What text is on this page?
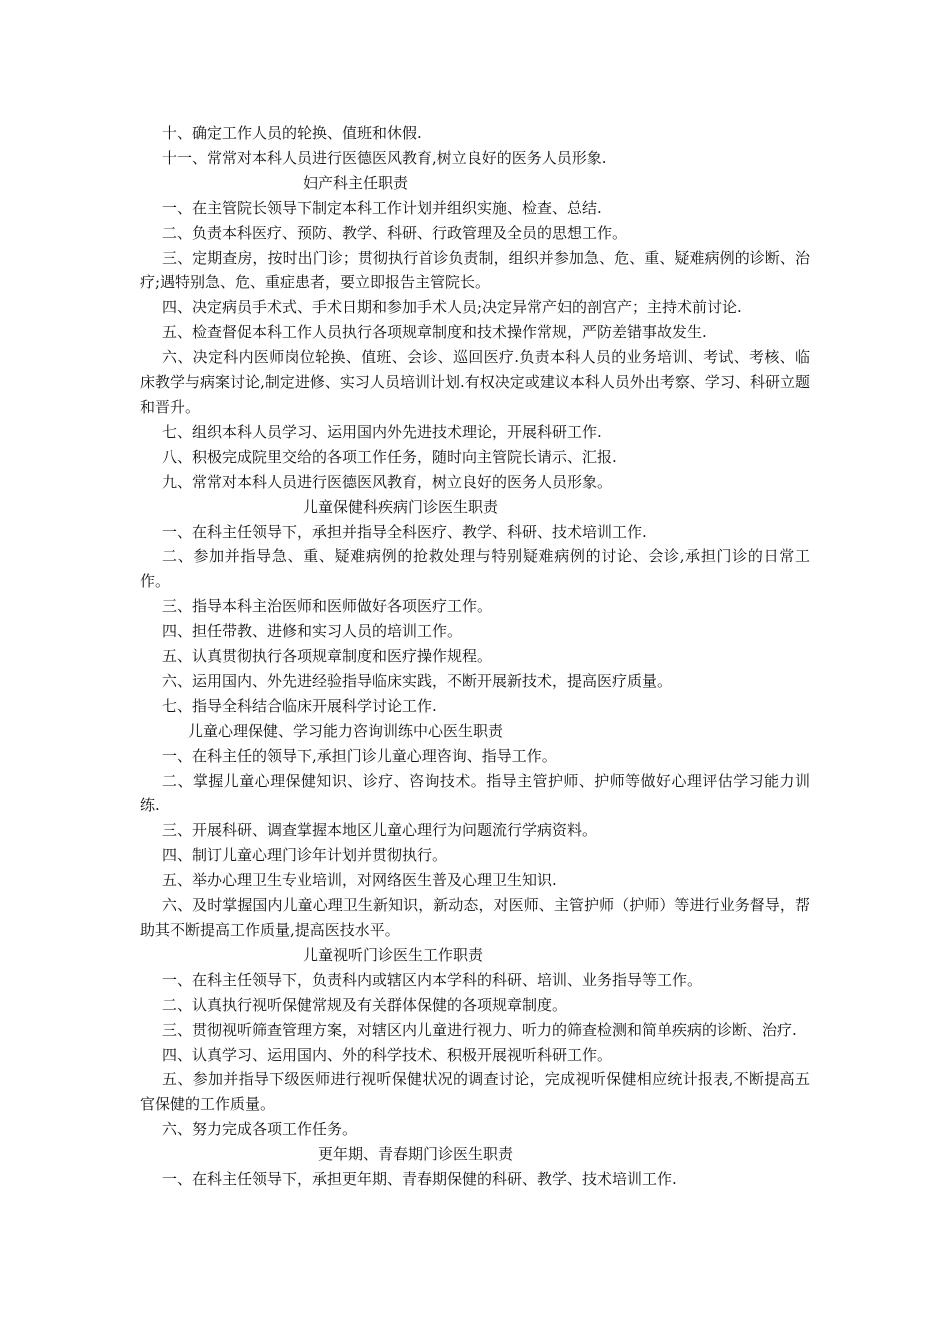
十、确定工作人员的轮换、值班和休假.

十一、常常对本科人员进行医德医风教育,树立良好的医务人员形象.

妇产科主任职责

一、在主管院长领导下制定本科工作计划并组织实施、检查、总结.

二、负责本科医疗、预防、教学、科研、行政管理及全员的思想工作。

三、定期查房，按时出门诊；贯彻执行首诊负责制，组织并参加急、危、重、疑难病例的诊断、治疗;遇特别急、危、重症患者，要立即报告主管院长。

四、决定病员手术式、手术日期和参加手术人员;决定异常产妇的剖宫产；主持术前讨论.

五、检查督促本科工作人员执行各项规章制度和技术操作常规，严防差错事故发生.

六、决定科内医师岗位轮换、值班、会诊、巡回医疗.负责本科人员的业务培训、考试、考核、临床教学与病案讨论,制定进修、实习人员培训计划.有权决定或建议本科人员外出考察、学习、科研立题和晋升。

七、组织本科人员学习、运用国内外先进技术理论，开展科研工作.

八、积极完成院里交给的各项工作任务，随时向主管院长请示、汇报.

九、常常对本科人员进行医德医风教育，树立良好的医务人员形象。

儿童保健科疾病门诊医生职责

一、在科主任领导下，承担并指导全科医疗、教学、科研、技术培训工作.

二、参加并指导急、重、疑难病例的抢救处理与特别疑难病例的讨论、会诊,承担门诊的日常工作。

三、指导本科主治医师和医师做好各项医疗工作。

四、担任带教、进修和实习人员的培训工作。

五、认真贯彻执行各项规章制度和医疗操作规程。

六、运用国内、外先进经验指导临床实践，不断开展新技术，提高医疗质量。

七、指导全科结合临床开展科学讨论工作.

儿童心理保健、学习能力咨询训练中心医生职责

一、在科主任的领导下,承担门诊儿童心理咨询、指导工作。

二、掌握儿童心理保健知识、诊疗、咨询技术。指导主管护师、护师等做好心理评估学习能力训练.

三、开展科研、调查掌握本地区儿童心理行为问题流行学病资料。

四、制订儿童心理门诊年计划并贯彻执行。

五、举办心理卫生专业培训，对网络医生普及心理卫生知识.

六、及时掌握国内儿童心理卫生新知识，新动态，对医师、主管护师（护师）等进行业务督导，帮助其不断提高工作质量,提高医技水平。

儿童视听门诊医生工作职责

一、在科主任领导下，负责科内或辖区内本学科的科研、培训、业务指导等工作。

二、认真执行视听保健常规及有关群体保健的各项规章制度。

三、贯彻视听筛查管理方案，对辖区内儿童进行视力、听力的筛查检测和简单疾病的诊断、治疗.

四、认真学习、运用国内、外的科学技术、积极开展视听科研工作。

五、参加并指导下级医师进行视听保健状况的调查讨论，完成视听保健相应统计报表,不断提高五官保健的工作质量。

六、努力完成各项工作任务。

更年期、青春期门诊医生职责

一、在科主任领导下，承担更年期、青春期保健的科研、教学、技术培训工作.
